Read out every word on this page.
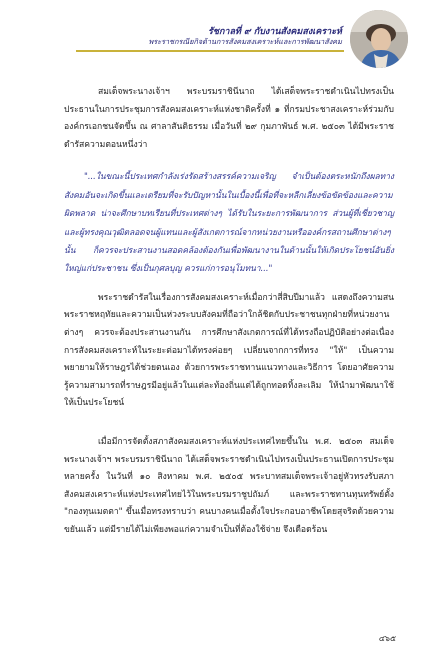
รัชกาลที่ ๙ กับงานสังคมสงเคราะห์
พระราชกรณียกิจด้านการสังคมสงเคราะห์และการพัฒนาสังคม

สมเด็จพระนางเจ้าฯ พระบรมราชินีนาถ ได้เสด็จพระราชดำเนินไปทรงเป็นประธานในการประชุมการสังคมสงเคราะห์แห่งชาติครั้งที่ ๑ ที่กรมประชาสงเคราะห์ร่วมกับองค์กรเอกชนจัดขึ้น ณ ศาลาสันติธรรม เมื่อวันที่ ๒๙ กุมภาพันธ์ พ.ศ. ๒๕๐๓ ได้มีพระราชดำรัสความตอนหนึ่งว่า

"...ในขณะนี้ประเทศกำลังเร่งรัดสร้างสรรค์ความเจริญ จำเป็นต้องตระหนักถึงผลทางสังคมอันจะเกิดขึ้นและเตรียมที่จะรับปัญหานั้นในเบื้องนี้เพื่อที่จะหลีกเลี่ยงข้อขัดข้องและความผิดพลาด น่าจะศึกษาบทเรียนที่ประเทศต่างๆ ได้รับในระยะการพัฒนาการ ส่วนผู้ที่เชี่ยวชาญและผู้ทรงคุณวุฒิตลอดจนผู้แทนและผู้สังเกตการณ์จากหน่วยงานหรือองค์กรสถานศึกษาต่างๆ นั้น ก็ควรจะประสานงานสอดคล้องต้องกันเพื่อพัฒนางานในด้านนั้นให้เกิดประโยชน์อันยิ่งใหญ่แก่ประชาชน ซึ่งเป็นกุศลบุญ ควรแก่การอนุโมทนา..."

พระราชดำรัสในเรื่องการสังคมสงเคราะห์เมื่อกว่าสี่สิบปีมาแล้ว แสดงถึงความสนพระราชหฤทัยและความเป็นห่วงระบบสังคมที่ถือว่าใกล้ชิดกับประชาชนทุกฝ่ายที่หน่วยงานต่างๆ ควรจะต้องประสานงานกัน การศึกษาสังเกตการณ์ที่ได้ทรงถือปฏิบัติอย่างต่อเนื่อง การสังคมสงเคราะห์ในระยะต่อมาได้ทรงค่อยๆ เปลี่ยนจากการที่ทรง "ให้" เป็นความพยายามให้ราษฎรได้ช่วยตนเอง ด้วยการพระราชทานแนวทางและวิธีการ โดยอาศัยความรู้ความสามารถที่ราษฎรมีอยู่แล้วในแต่ละท้องถิ่นแต่ได้ถูกทอดทิ้งละเลิม ให้นำมาพัฒนาใช้ให้เป็นประโยชน์

เมื่อมีการจัดตั้งสภาสังคมสงเคราะห์แห่งประเทศไทยขึ้นใน พ.ศ. ๒๕๐๓ สมเด็จพระนางเจ้าฯ พระบรมราชินีนาถ ได้เสด็จพระราชดำเนินไปทรงเป็นประธานเปิดการประชุมหลายครั้ง ในวันที่ ๑๐ สิงหาคม พ.ศ. ๒๕๐๕ พระบาทสมเด็จพระเจ้าอยู่หัวทรงรับสภาสังคมสงเคราะห์แห่งประเทศไทยไว้ในพระบรมราชูปถัมภ์ และพระราชทานทุนทรัพย์ตั้ง "กองทุนเมตตา" ขึ้นเมื่อทรงทราบว่า คนบางคนเมื่อตั้งใจประกอบอาชีพโดยสุจริตด้วยความขยันแล้ว แต่มีรายได้ไม่เพียงพอแก่ความจำเป็นที่ต้องใช้จ่าย จึงเดือดร้อน

๔๖๕
